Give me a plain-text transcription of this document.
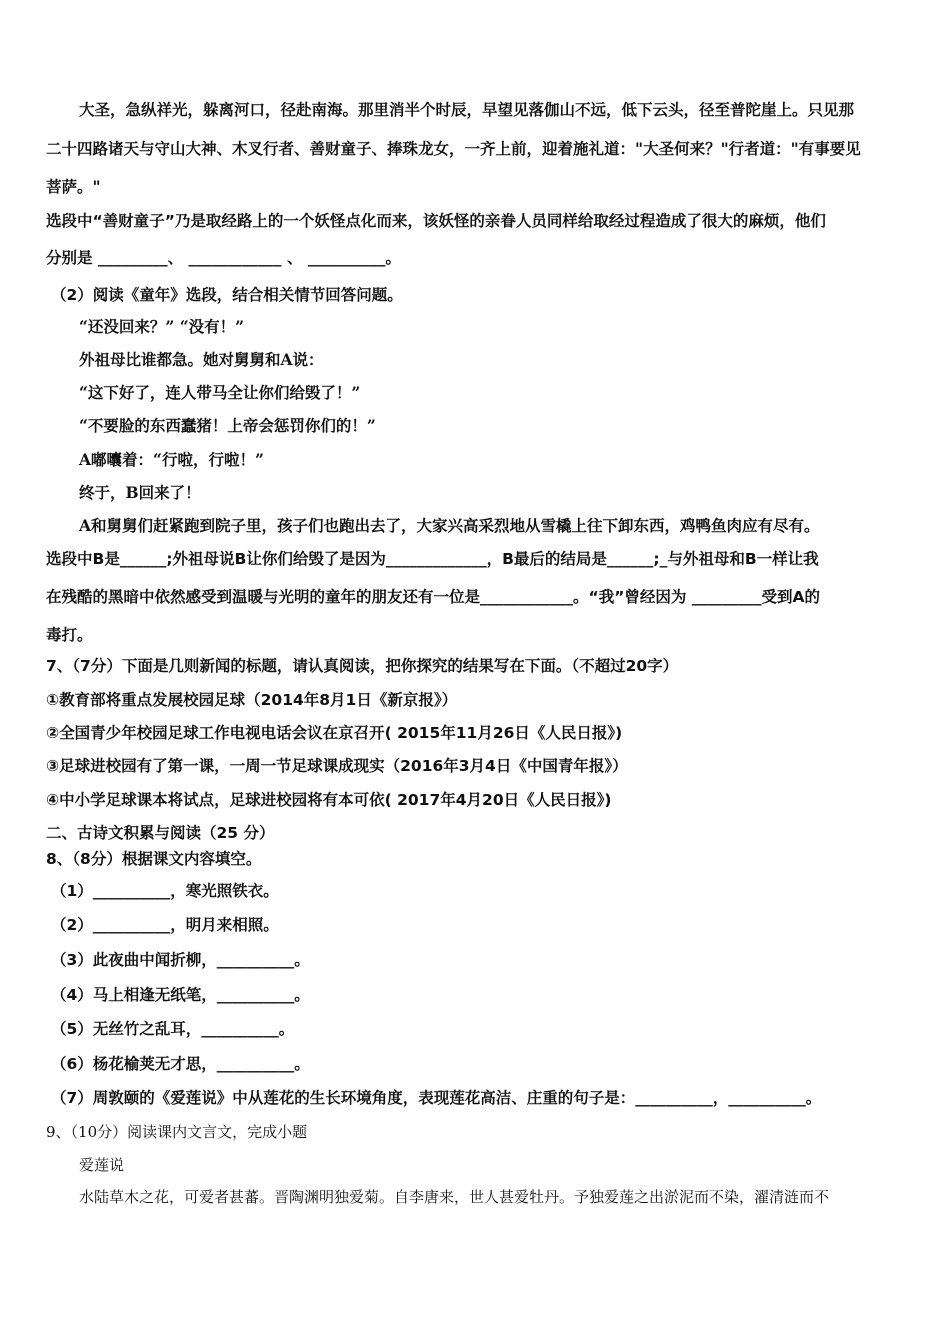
大圣，急纵祥光，躲离河口，径赴南海。那里消半个时辰，早望见落伽山不远，低下云头，径至普陀崖上。只见那
二十四路诸天与守山大神、木叉行者、善财童子、捧珠龙女，一齐上前，迎着施礼道："大圣何来？"行者道："有事要见
菩萨。"
选段中“善财童子”乃是取经路上的一个妖怪点化而来，该妖怪的亲眷人员同样给取经过程造成了很大的麻烦，他们
分别是 _________、 ____________ 、 __________。
（2）阅读《童年》选段，结合相关情节回答问题。
“还没回来？” “没有！”
外祖母比谁都急。她对舅舅和A说：
“这下好了，连人带马全让你们给毁了！”
“不要脸的东西蠢猪！上帝会惩罚你们的！”
A嘟囔着：“行啦，行啦！”
终于，B回来了！
A和舅舅们赶紧跑到院子里，孩子们也跑出去了，大家兴高采烈地从雪橇上往下卸东西，鸡鸭鱼肉应有尽有。
选段中B是______;外祖母说B让你们给毁了是因为_____________，B最后的结局是______;_与外祖母和B一样让我
在残酷的黑暗中依然感受到温暖与光明的童年的朋友还有一位是____________。“我”曾经因为 _________受到A的
毒打。
7、（7分）下面是几则新闻的标题，请认真阅读，把你探究的结果写在下面。（不超过20字）
①教育部将重点发展校园足球（2014年8月1日《新京报》）
②全国青少年校园足球工作电视电话会议在京召开( 2015年11月26日《人民日报》)
③足球进校园有了第一课，一周一节足球课成现实（2016年3月4日《中国青年报》）
④中小学足球课本将试点，足球进校园将有本可依( 2017年4月20日《人民日报》)
二、古诗文积累与阅读（25 分）
8、（8分）根据课文内容填空。
（1）__________，寒光照铁衣。
（2）__________，明月来相照。
（3）此夜曲中闻折柳，__________。
（4）马上相逢无纸笔，__________。
（5）无丝竹之乱耳，__________。
（6）杨花榆荚无才思，__________。
（7）周敦颐的《爱莲说》中从莲花的生长环境角度，表现莲花高洁、庄重的句子是：__________，__________。
9、（10分）阅读课内文言文，完成小题
爱莲说
水陆草木之花，可爱者甚蕃。晋陶渊明独爱菊。自李唐来，世人甚爱牡丹。予独爱莲之出淤泥而不染，濯清涟而不
